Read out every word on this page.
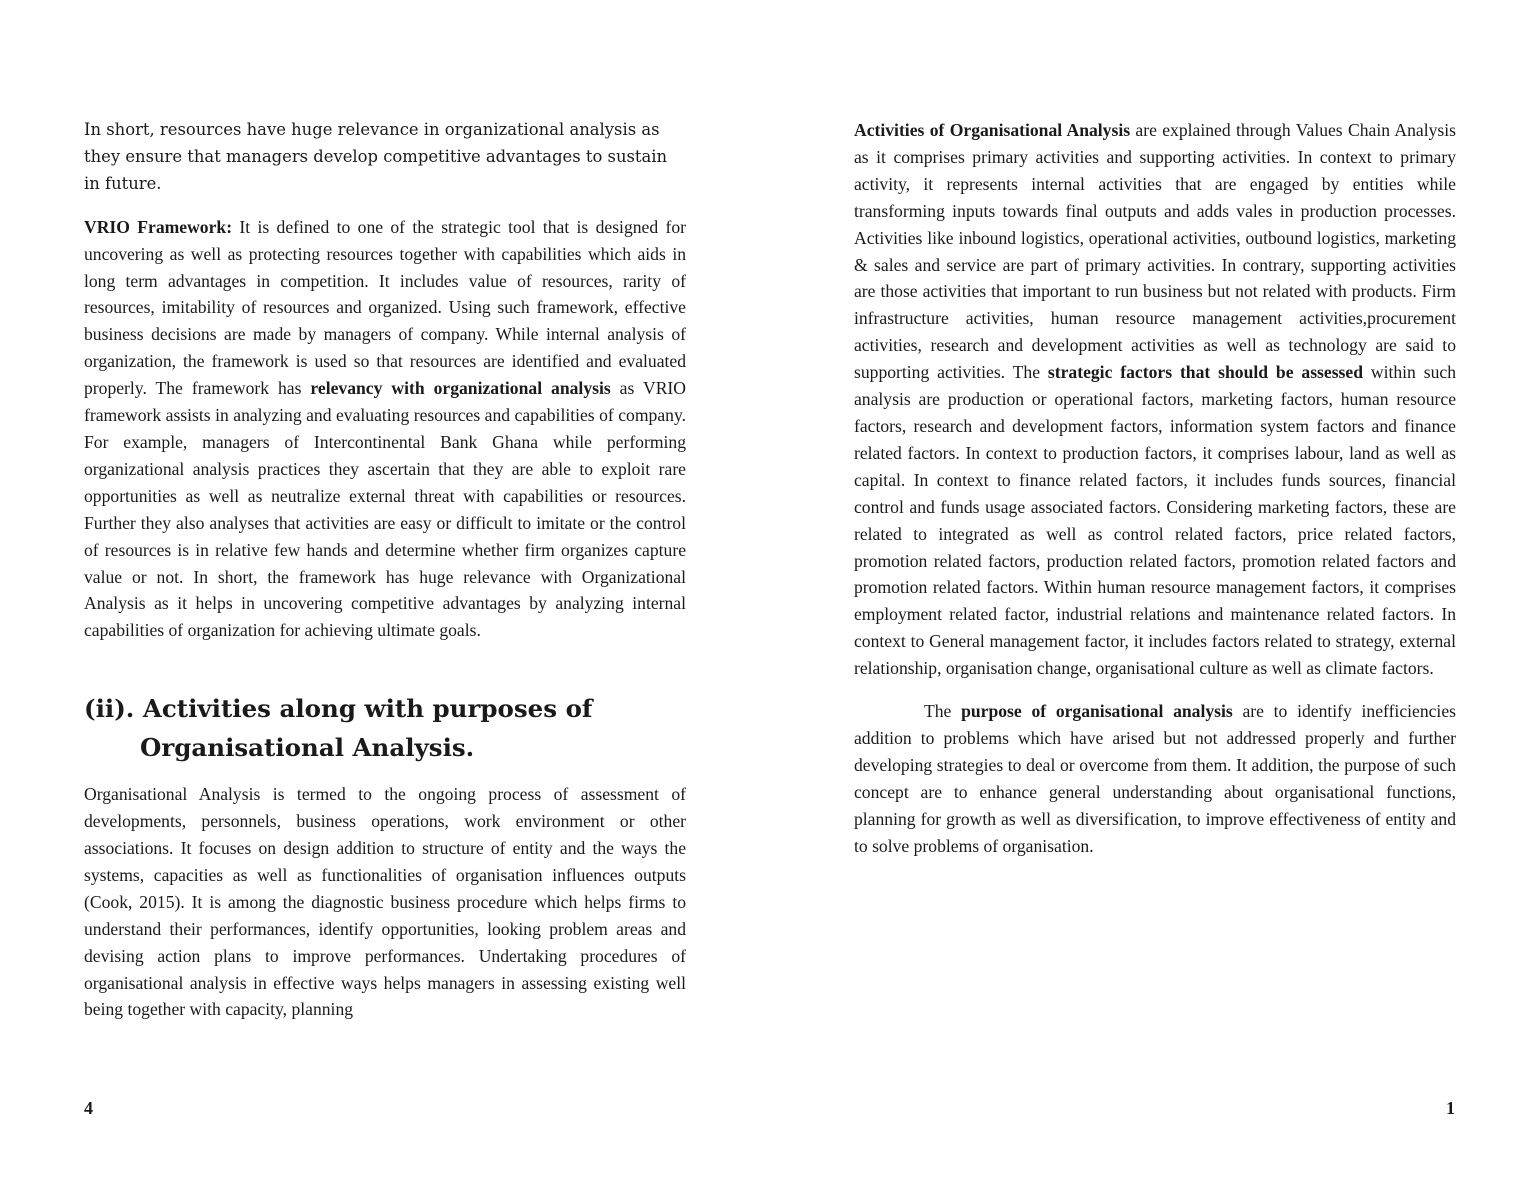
In short, resources have huge relevance in organizational analysis as they ensure that managers develop competitive advantages to sustain in future.

VRIO Framework: It is defined to one of the strategic tool that is designed for uncovering as well as protecting resources together with capabilities which aids in long term advantages in competition. It includes value of resources, rarity of resources, imitability of resources and organized. Using such framework, effective business decisions are made by managers of company. While internal analysis of organization, the framework is used so that resources are identified and evaluated properly. The framework has relevancy with organizational analysis as VRIO framework assists in analyzing and evaluating resources and capabilities of company. For example, managers of Intercontinental Bank Ghana while performing organizational analysis practices they ascertain that they are able to exploit rare opportunities as well as neutralize external threat with capabilities or resources. Further they also analyses that activities are easy or difficult to imitate or the control of resources is in relative few hands and determine whether firm organizes capture value or not. In short, the framework has huge relevance with Organizational Analysis as it helps in uncovering competitive advantages by analyzing internal capabilities of organization for achieving ultimate goals.

(ii). Activities along with purposes of Organisational Analysis.

Organisational Analysis is termed to the ongoing process of assessment of developments, personnels, business operations, work environment or other associations. It focuses on design addition to structure of entity and the ways the systems, capacities as well as functionalities of organisation influences outputs (Cook, 2015). It is among the diagnostic business procedure which helps firms to understand their performances, identify opportunities, looking problem areas and devising action plans to improve performances. Undertaking procedures of organisational analysis in effective ways helps managers in assessing existing well being together with capacity, planning

Activities of Organisational Analysis are explained through Values Chain Analysis as it comprises primary activities and supporting activities. In context to primary activity, it represents internal activities that are engaged by entities while transforming inputs towards final outputs and adds vales in production processes. Activities like inbound logistics, operational activities, outbound logistics, marketing & sales and service are part of primary activities. In contrary, supporting activities are those activities that important to run business but not related with products. Firm infrastructure activities, human resource management activities,procurement activities, research and development activities as well as technology are said to supporting activities. The strategic factors that should be assessed within such analysis are production or operational factors, marketing factors, human resource factors, research and development factors, information system factors and finance related factors. In context to production factors, it comprises labour, land as well as capital. In context to finance related factors, it includes funds sources, financial control and funds usage associated factors. Considering marketing factors, these are related to integrated as well as control related factors, price related factors, promotion related factors, production related factors, promotion related factors and promotion related factors. Within human resource management factors, it comprises employment related factor, industrial relations and maintenance related factors. In context to General management factor, it includes factors related to strategy, external relationship, organisation change, organisational culture as well as climate factors.

The purpose of organisational analysis are to identify inefficiencies addition to problems which have arised but not addressed properly and further developing strategies to deal or overcome from them. It addition, the purpose of such concept are to enhance general understanding about organisational functions, planning for growth as well as diversification, to improve effectiveness of entity and to solve problems of organisation.

4	1
